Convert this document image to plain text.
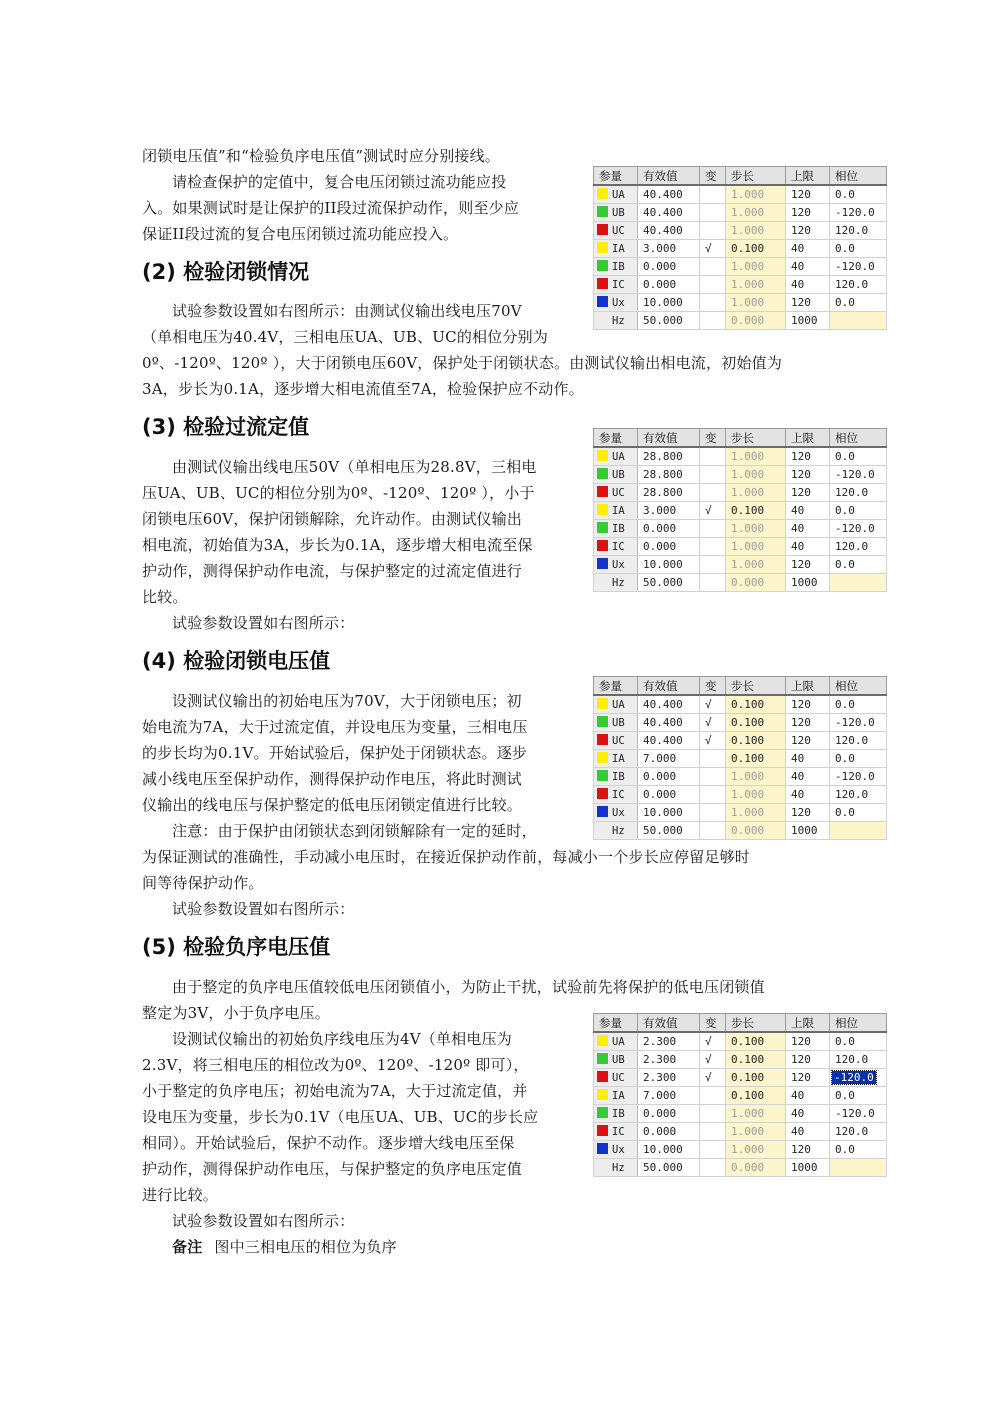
闭锁电压值”和“检验负序电压值”测试时应分别接线。
请检查保护的定值中，复合电压闭锁过流功能应投
入。如果测试时是让保护的II段过流保护动作，则至少应
保证II段过流的复合电压闭锁过流功能应投入。
(2) 检验闭锁情况
试验参数设置如右图所示：由测试仪输出线电压70V
（单相电压为40.4V，三相电压UA、UB、UC的相位分别为
0º、-120º、120º ），大于闭锁电压60V，保护处于闭锁状态。由测试仪输出相电流，初始值为
3A，步长为0.1A，逐步增大相电流值至7A，检验保护应不动作。
(3) 检验过流定值
由测试仪输出线电压50V（单相电压为28.8V，三相电
压UA、UB、UC的相位分别为0º、-120º、120º ），小于
闭锁电压60V，保护闭锁解除，允许动作。由测试仪输出
相电流，初始值为3A，步长为0.1A，逐步增大相电流至保
护动作，测得保护动作电流，与保护整定的过流定值进行
比较。
试验参数设置如右图所示：
(4) 检验闭锁电压值
设测试仪输出的初始电压为70V，大于闭锁电压；初
始电流为7A，大于过流定值，并设电压为变量，三相电压
的步长均为0.1V。开始试验后，保护处于闭锁状态。逐步
减小线电压至保护动作，测得保护动作电压，将此时测试
仪输出的线电压与保护整定的低电压闭锁定值进行比较。
注意：由于保护由闭锁状态到闭锁解除有一定的延时，
为保证测试的准确性，手动减小电压时，在接近保护动作前，每减小一个步长应停留足够时
间等待保护动作。
试验参数设置如右图所示：
(5) 检验负序电压值
由于整定的负序电压值较低电压闭锁值小，为防止干扰，试验前先将保护的低电压闭锁值
整定为3V，小于负序电压。
设测试仪输出的初始负序线电压为4V（单相电压为
2.3V，将三相电压的相位改为0º、120º、-120º 即可），
小于整定的负序电压；初始电流为7A，大于过流定值，并
设电压为变量，步长为0.1V（电压UA、UB、UC的步长应
相同）。开始试验后，保护不动作。逐步增大线电压至保
护动作，测得保护动作电压，与保护整定的负序电压定值
进行比较。
试验参数设置如右图所示：
备注 图中三相电压的相位为负序
参量	有效值	变	步长	上限	相位
UA	40.400		1.000	120	0.0
UB	40.400		1.000	120	-120.0
UC	40.400		1.000	120	120.0
IA	3.000	√	0.100	40	0.0
IB	0.000		1.000	40	-120.0
IC	0.000		1.000	40	120.0
Ux	10.000		1.000	120	0.0
Hz	50.000		0.000	1000	
参量	有效值	变	步长	上限	相位
UA	28.800		1.000	120	0.0
UB	28.800		1.000	120	-120.0
UC	28.800		1.000	120	120.0
IA	3.000	√	0.100	40	0.0
IB	0.000		1.000	40	-120.0
IC	0.000		1.000	40	120.0
Ux	10.000		1.000	120	0.0
Hz	50.000		0.000	1000	
参量	有效值	变	步长	上限	相位
UA	40.400	√	0.100	120	0.0
UB	40.400	√	0.100	120	-120.0
UC	40.400	√	0.100	120	120.0
IA	7.000		0.100	40	0.0
IB	0.000		1.000	40	-120.0
IC	0.000		1.000	40	120.0
Ux	10.000		1.000	120	0.0
Hz	50.000		0.000	1000	
参量	有效值	变	步长	上限	相位
UA	2.300	√	0.100	120	0.0
UB	2.300	√	0.100	120	120.0
UC	2.300	√	0.100	120	-120.0
IA	7.000		0.100	40	0.0
IB	0.000		1.000	40	-120.0
IC	0.000		1.000	40	120.0
Ux	10.000		1.000	120	0.0
Hz	50.000		0.000	1000	
